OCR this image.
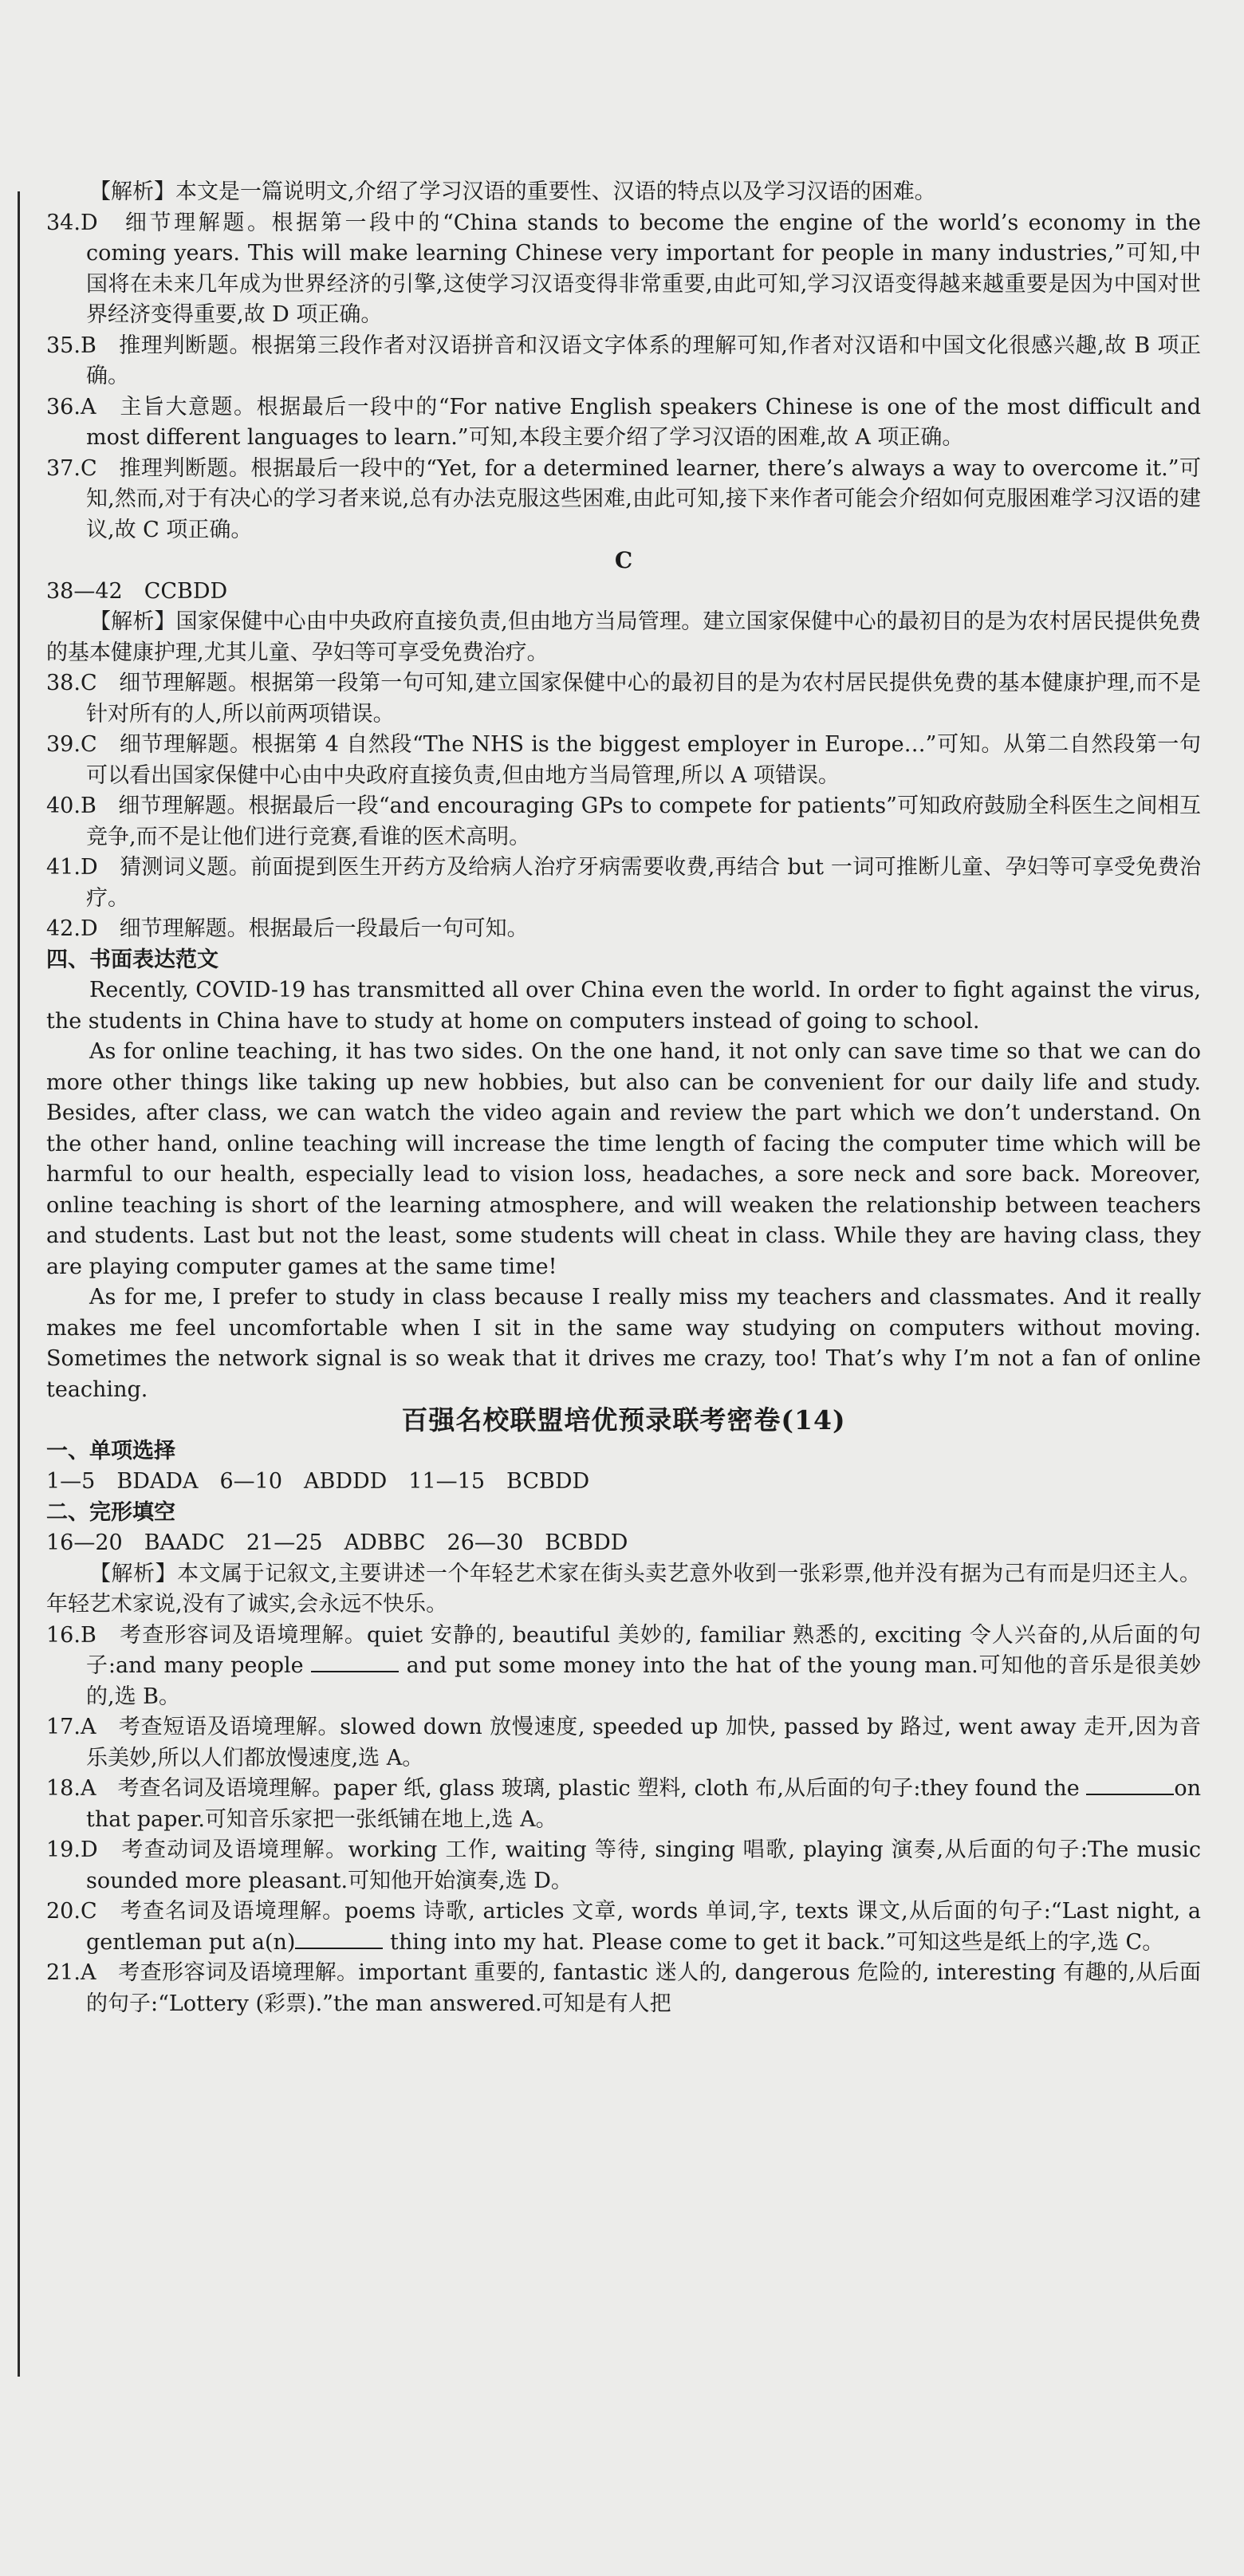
【解析】本文是一篇说明文,介绍了学习汉语的重要性、汉语的特点以及学习汉语的困难。

34.D　细节理解题。根据第一段中的“China stands to become the engine of the world’s economy in the coming years. This will make learning Chinese very important for people in many industries,”可知,中国将在未来几年成为世界经济的引擎,这使学习汉语变得非常重要,由此可知,学习汉语变得越来越重要是因为中国对世界经济变得重要,故 D 项正确。

35.B　推理判断题。根据第三段作者对汉语拼音和汉语文字体系的理解可知,作者对汉语和中国文化很感兴趣,故 B 项正确。

36.A　主旨大意题。根据最后一段中的“For native English speakers Chinese is one of the most difficult and most different languages to learn.”可知,本段主要介绍了学习汉语的困难,故 A 项正确。

37.C　推理判断题。根据最后一段中的“Yet, for a determined learner, there’s always a way to overcome it.”可知,然而,对于有决心的学习者来说,总有办法克服这些困难,由此可知,接下来作者可能会介绍如何克服困难学习汉语的建议,故 C 项正确。

C

38—42　CCBDD

【解析】国家保健中心由中央政府直接负责,但由地方当局管理。建立国家保健中心的最初目的是为农村居民提供免费的基本健康护理,尤其儿童、孕妇等可享受免费治疗。

38.C　细节理解题。根据第一段第一句可知,建立国家保健中心的最初目的是为农村居民提供免费的基本健康护理,而不是针对所有的人,所以前两项错误。

39.C　细节理解题。根据第 4 自然段“The NHS is the biggest employer in Europe…”可知。从第二自然段第一句可以看出国家保健中心由中央政府直接负责,但由地方当局管理,所以 A 项错误。

40.B　细节理解题。根据最后一段“and encouraging GPs to compete for patients”可知政府鼓励全科医生之间相互竞争,而不是让他们进行竞赛,看谁的医术高明。

41.D　猜测词义题。前面提到医生开药方及给病人治疗牙病需要收费,再结合 but 一词可推断儿童、孕妇等可享受免费治疗。

42.D　细节理解题。根据最后一段最后一句可知。

四、书面表达范文

Recently, COVID-19 has transmitted all over China even the world. In order to fight against the virus, the students in China have to study at home on computers instead of going to school.

As for online teaching, it has two sides. On the one hand, it not only can save time so that we can do more other things like taking up new hobbies, but also can be convenient for our daily life and study. Besides, after class, we can watch the video again and review the part which we don’t understand. On the other hand, online teaching will increase the time length of facing the computer time which will be harmful to our health, especially lead to vision loss, headaches, a sore neck and sore back. Moreover, online teaching is short of the learning atmosphere, and will weaken the relationship between teachers and students. Last but not the least, some students will cheat in class. While they are having class, they are playing computer games at the same time!

As for me, I prefer to study in class because I really miss my teachers and classmates. And it really makes me feel uncomfortable when I sit in the same way studying on computers without moving. Sometimes the network signal is so weak that it drives me crazy, too! That’s why I’m not a fan of online teaching.

百强名校联盟培优预录联考密卷(14)

一、单项选择

1—5　BDADA　6—10　ABDDD　11—15　BCBDD

二、完形填空

16—20　BAADC　21—25　ADBBC　26—30　BCBDD

【解析】本文属于记叙文,主要讲述一个年轻艺术家在街头卖艺意外收到一张彩票,他并没有据为己有而是归还主人。年轻艺术家说,没有了诚实,会永远不快乐。

16.B　考查形容词及语境理解。quiet 安静的, beautiful 美妙的, familiar 熟悉的, exciting 令人兴奋的,从后面的句子:and many people	and put some money into the hat of the young man.可知他的音乐是很美妙的,选 B。

17.A　考查短语及语境理解。slowed down 放慢速度, speeded up 加快, passed by 路过, went away 走开,因为音乐美妙,所以人们都放慢速度,选 A。

18.A　考查名词及语境理解。paper 纸, glass 玻璃, plastic 塑料, cloth 布,从后面的句子:they found the	on that paper.可知音乐家把一张纸铺在地上,选 A。

19.D　考查动词及语境理解。working 工作, waiting 等待, singing 唱歌, playing 演奏,从后面的句子:The music sounded more pleasant.可知他开始演奏,选 D。

20.C　考查名词及语境理解。poems 诗歌, articles 文章, words 单词,字, texts 课文,从后面的句子:“Last night, a gentleman put a(n)	thing into my hat. Please come to get it back.”可知这些是纸上的字,选 C。

21.A　考查形容词及语境理解。important 重要的, fantastic 迷人的, dangerous 危险的, interesting 有趣的,从后面的句子:“Lottery (彩票).”the man answered.可知是有人把
